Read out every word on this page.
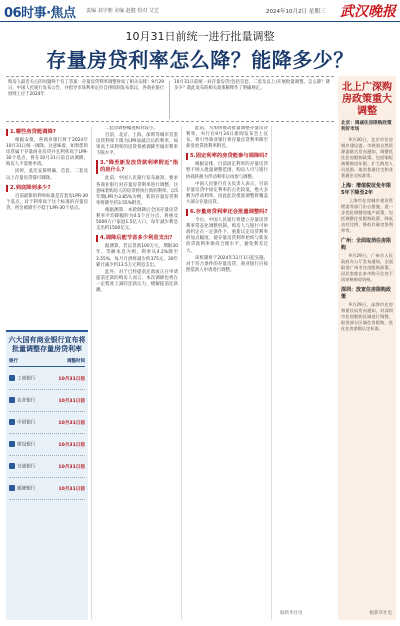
06时事·焦点 责编 刘宇朝 美编 赵健 校对 艾艺	2024年10月2日 星期三 武汉晚报
10月31日前统一进行批量调整
存量房贷利率怎么降？能降多少？
购房人最近关心的问题终于有了答案：存量房贷利率调整时间了相关安排！9月29日，中国人民银行发布公告，并指导市场利率定价自律机制发布倡议，各商业银行原则上应于2024年
10月31日前统一对存量房贷(包括首套、二套及以上)开展批量调整。怎么降？降多少？就此发布的相关政策解释作了明确规定。
1.哪些房贷能调降?

根据安排，各商业银行将于2024年10月31日统一调降。这意味着，如果您的房贷属于存量商业房贷并且利率高于LPR-30个基点，将在10月31日前自动调降，购房人不需要申请。

同时，此次安排明确，首套、二套及以上存量房贷都可调降。

2.到底降到多少?

目前最新的利率标准是首套房LPR-30个基点。对于利率高于这个标准的存量房贷，将会被降至不低于LPR-30个基点。

六大国有商业银行宣布将批量调整存量房贷利率
银行	调整时间
工商银行	10月31日前
农业银行	10月31日前
中国银行	10月31日前
建设银行	10月31日前
交通银行	10月31日前
邮储银行	10月31日前

二套房调整幅度相对较小。

目前，北京、上海、深圳等城市首套房贷利率下限为LPR加减点后的利率，如果高于该利率的房贷将被调降至城市利率下限水平。

3."降至新发放贷款利率附近"指的是什么?

此前，中国人民银行发布通知，要求各商业银行对存量房贷利率进行调整，这意味着购房人的房贷将执行新的利率。以5年期LPR为3.85%为例，新的存量房贷利率将降至约3.55%附近。

根据测算，本轮调降后全国存量房贷利率平均降幅约为0.5个百分点，将惠及5000万户家庭1.5亿人口，每年减少利息支出约1500亿元。

4.调降后能节省多少利息支出?

据测算，若以贷款100万元、期限30年、等额本息为例，利率从4.2%降至3.55%，每月月供将减少约375元，30年累计减少约13.5万元利息支出。

此外，对于已经提前还款或正在申请提前还款的购房人而言，本次调降也将在一定程度上减轻还款压力，缓解提前还款潮。

此前，为加快推动批量调整存量房贷利率，央行在9月24日新闻发布会上宣布，将引导商业银行将存量房贷利率降至新发放贷款利率附近。

5.固定利率的房贷能参与调降吗?

根据安排，目前固定利率的存量房贷暂不纳入批量调整范围，购房人可与银行协商转换为浮动利率后再参与调整。

中国人民银行有关负责人表示，目前存量房贷中固定利率的占比较低，绝大多数为浮动利率，因此此次批量调整将覆盖大部分存量房贷。

6.存量房贷利率还会批量调整吗?

今后，中国人民银行将建立存量房贷利率常态化调整机制。购房人与银行可协商约定在一定条件下，重新议定房贷利率的加点幅度，使存量房贷利率始终与新发放贷款利率保持合理水平，避免利差过大。

该机制将于2024年11月1日起实施。对于符合条件的存量房贷，商业银行应按照借款人申请进行调整。

据新华社电
北上广深购房政策重大调整
北京：调减住房限购政策利好市场
9月30日，北京市住房城乡建设委、市规划自然资源委联合发布通知，调整优化住房限购政策。包括缩短离婚购房年限、扩大购房人员范围、取消普通住宅和非普通住宅标准等。
上海：增值税征免年限5年下降至2年
上海市住房城乡建设管理委等部门出台措施，进一步优化调整房地产政策，包括调整住房限购政策、降低首付比例、降低存量房贷利率等。
广州：全面取消住房限购
9月29日，广州市人民政府办公厅发布通知，全面取消广州市住房限购政策，居民家庭在本市购买住房不再审核购房资格。
深圳：放宽住房限购政策
9月29日，深圳市住房和建设局发布通知，对深圳市住房限购区域进行调整，取消部分区域住房限购，优化住房套数认定标准。
据新华社电
